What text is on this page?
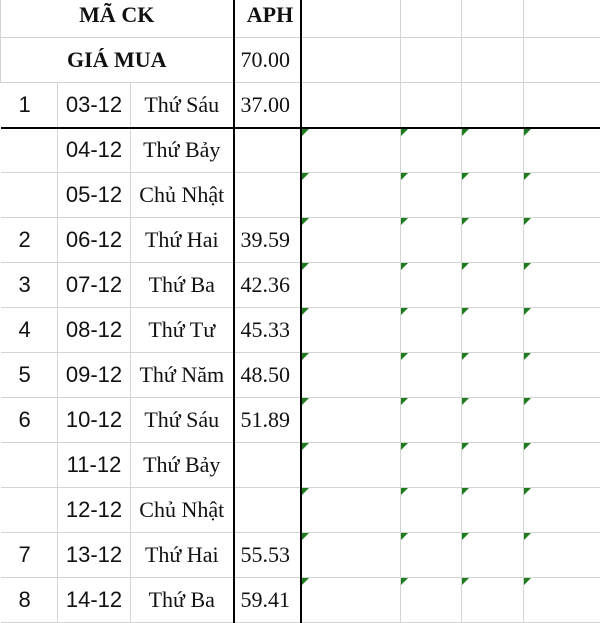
MÃ CK			APH				
GIÁ MUA			70.00				
1	03-12	Thứ Sáu	37.00				
	04-12	Thứ Bảy		

	05-12	Chủ Nhật		

2	06-12	Thứ Hai	39.59	

3	07-12	Thứ Ba	42.36	

4	08-12	Thứ Tư	45.33	

5	09-12	Thứ Năm	48.50	

6	10-12	Thứ Sáu	51.89	

	11-12	Thứ Bảy		

	12-12	Chủ Nhật		

7	13-12	Thứ Hai	55.53	

8	14-12	Thứ Ba	59.41	
